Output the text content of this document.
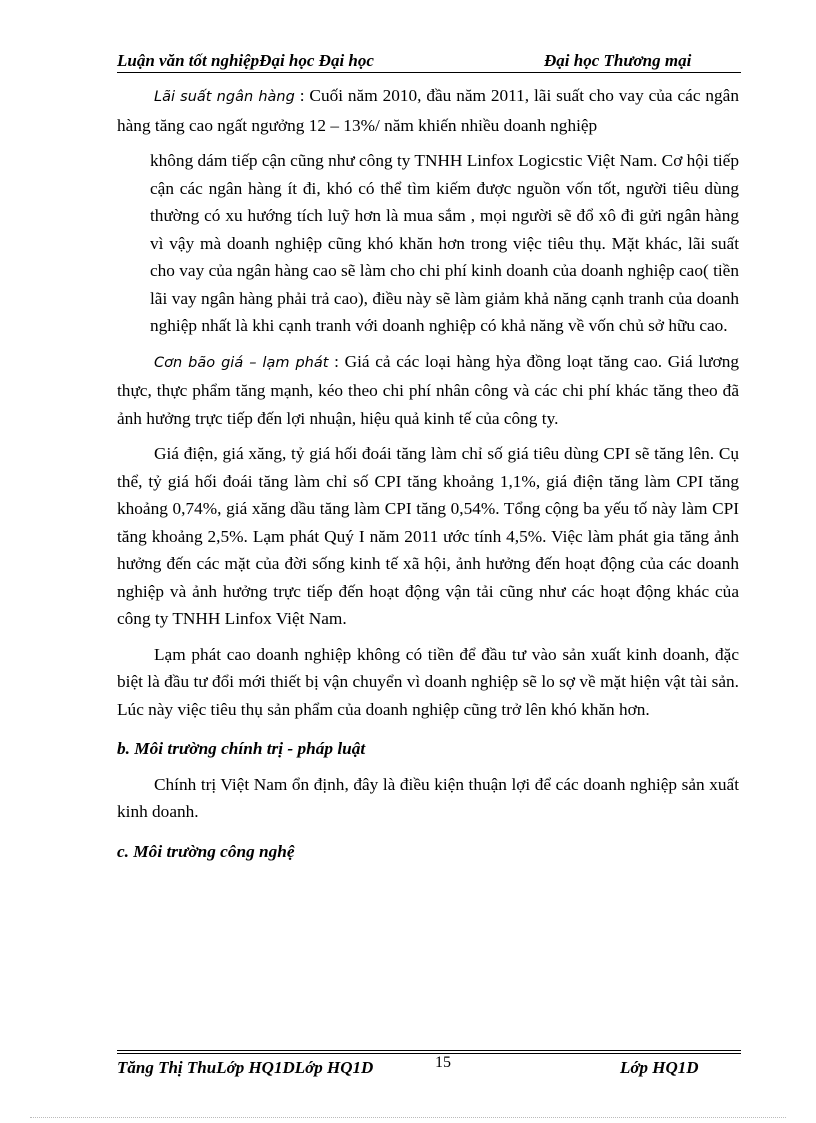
Luận văn tốt nghiệpĐại học Đại học	Đại học Thương mại

Lãi suất ngân hàng : Cuối năm 2010, đầu năm 2011, lãi suất cho vay của các ngân hàng tăng cao ngất ngưởng 12 – 13%/ năm khiến nhiều doanh nghiệp

không dám tiếp cận cũng như công ty TNHH Linfox Logicstic Việt Nam. Cơ hội tiếp cận các ngân hàng ít đi, khó có thể tìm kiếm được nguồn vốn tốt, người tiêu dùng thường có xu hướng tích luỹ hơn là mua sắm , mọi người sẽ đổ xô đi gửi ngân hàng vì vậy mà doanh nghiệp cũng khó khăn hơn trong việc tiêu thụ. Mặt khác, lãi suất cho vay của ngân hàng cao sẽ làm cho chi phí kinh doanh của doanh nghiệp cao( tiền lãi vay ngân hàng phải trả cao), điều này sẽ làm giảm khả năng cạnh tranh của doanh nghiệp nhất là khi cạnh tranh với doanh nghiệp có khả năng về vốn chủ sở hữu cao.

Cơn bão giá – lạm phát : Giá cả các loại hàng hỳa đồng loạt tăng cao. Giá lương thực, thực phẩm tăng mạnh, kéo theo chi phí nhân công và các chi phí khác tăng theo đã ảnh hưởng trực tiếp đến lợi nhuận, hiệu quả kinh tế của công ty.

Giá điện, giá xăng, tỷ giá hối đoái tăng làm chỉ số giá tiêu dùng CPI sẽ tăng lên. Cụ thể, tỷ giá hối đoái tăng làm chỉ số CPI tăng khoảng 1,1%, giá điện tăng làm CPI tăng khoảng 0,74%, giá xăng dầu tăng làm CPI tăng 0,54%. Tổng cộng ba yếu tố này làm CPI tăng khoảng 2,5%. Lạm phát Quý I năm 2011 ước tính 4,5%. Việc làm phát gia tăng ảnh hưởng đến các mặt của đời sống kinh tế xã hội, ảnh hưởng đến hoạt động của các doanh nghiệp và ảnh hưởng trực tiếp đến hoạt động vận tải cũng như các hoạt động khác của công ty TNHH Linfox Việt Nam.

Lạm phát cao doanh nghiệp không có tiền để đầu tư vào sản xuất kinh doanh, đặc biệt là đầu tư đổi mới thiết bị vận chuyển vì doanh nghiệp sẽ lo sợ về mặt hiện vật tài sản. Lúc này việc tiêu thụ sản phẩm của doanh nghiệp cũng trở lên khó khăn hơn.

b. Môi trường chính trị - pháp luật

Chính trị Việt Nam ổn định, đây là điều kiện thuận lợi để các doanh nghiệp sản xuất kinh doanh.

c. Môi trường công nghệ

Tăng Thị ThuLớp HQ1DLớp HQ1D	15	Lớp HQ1D
